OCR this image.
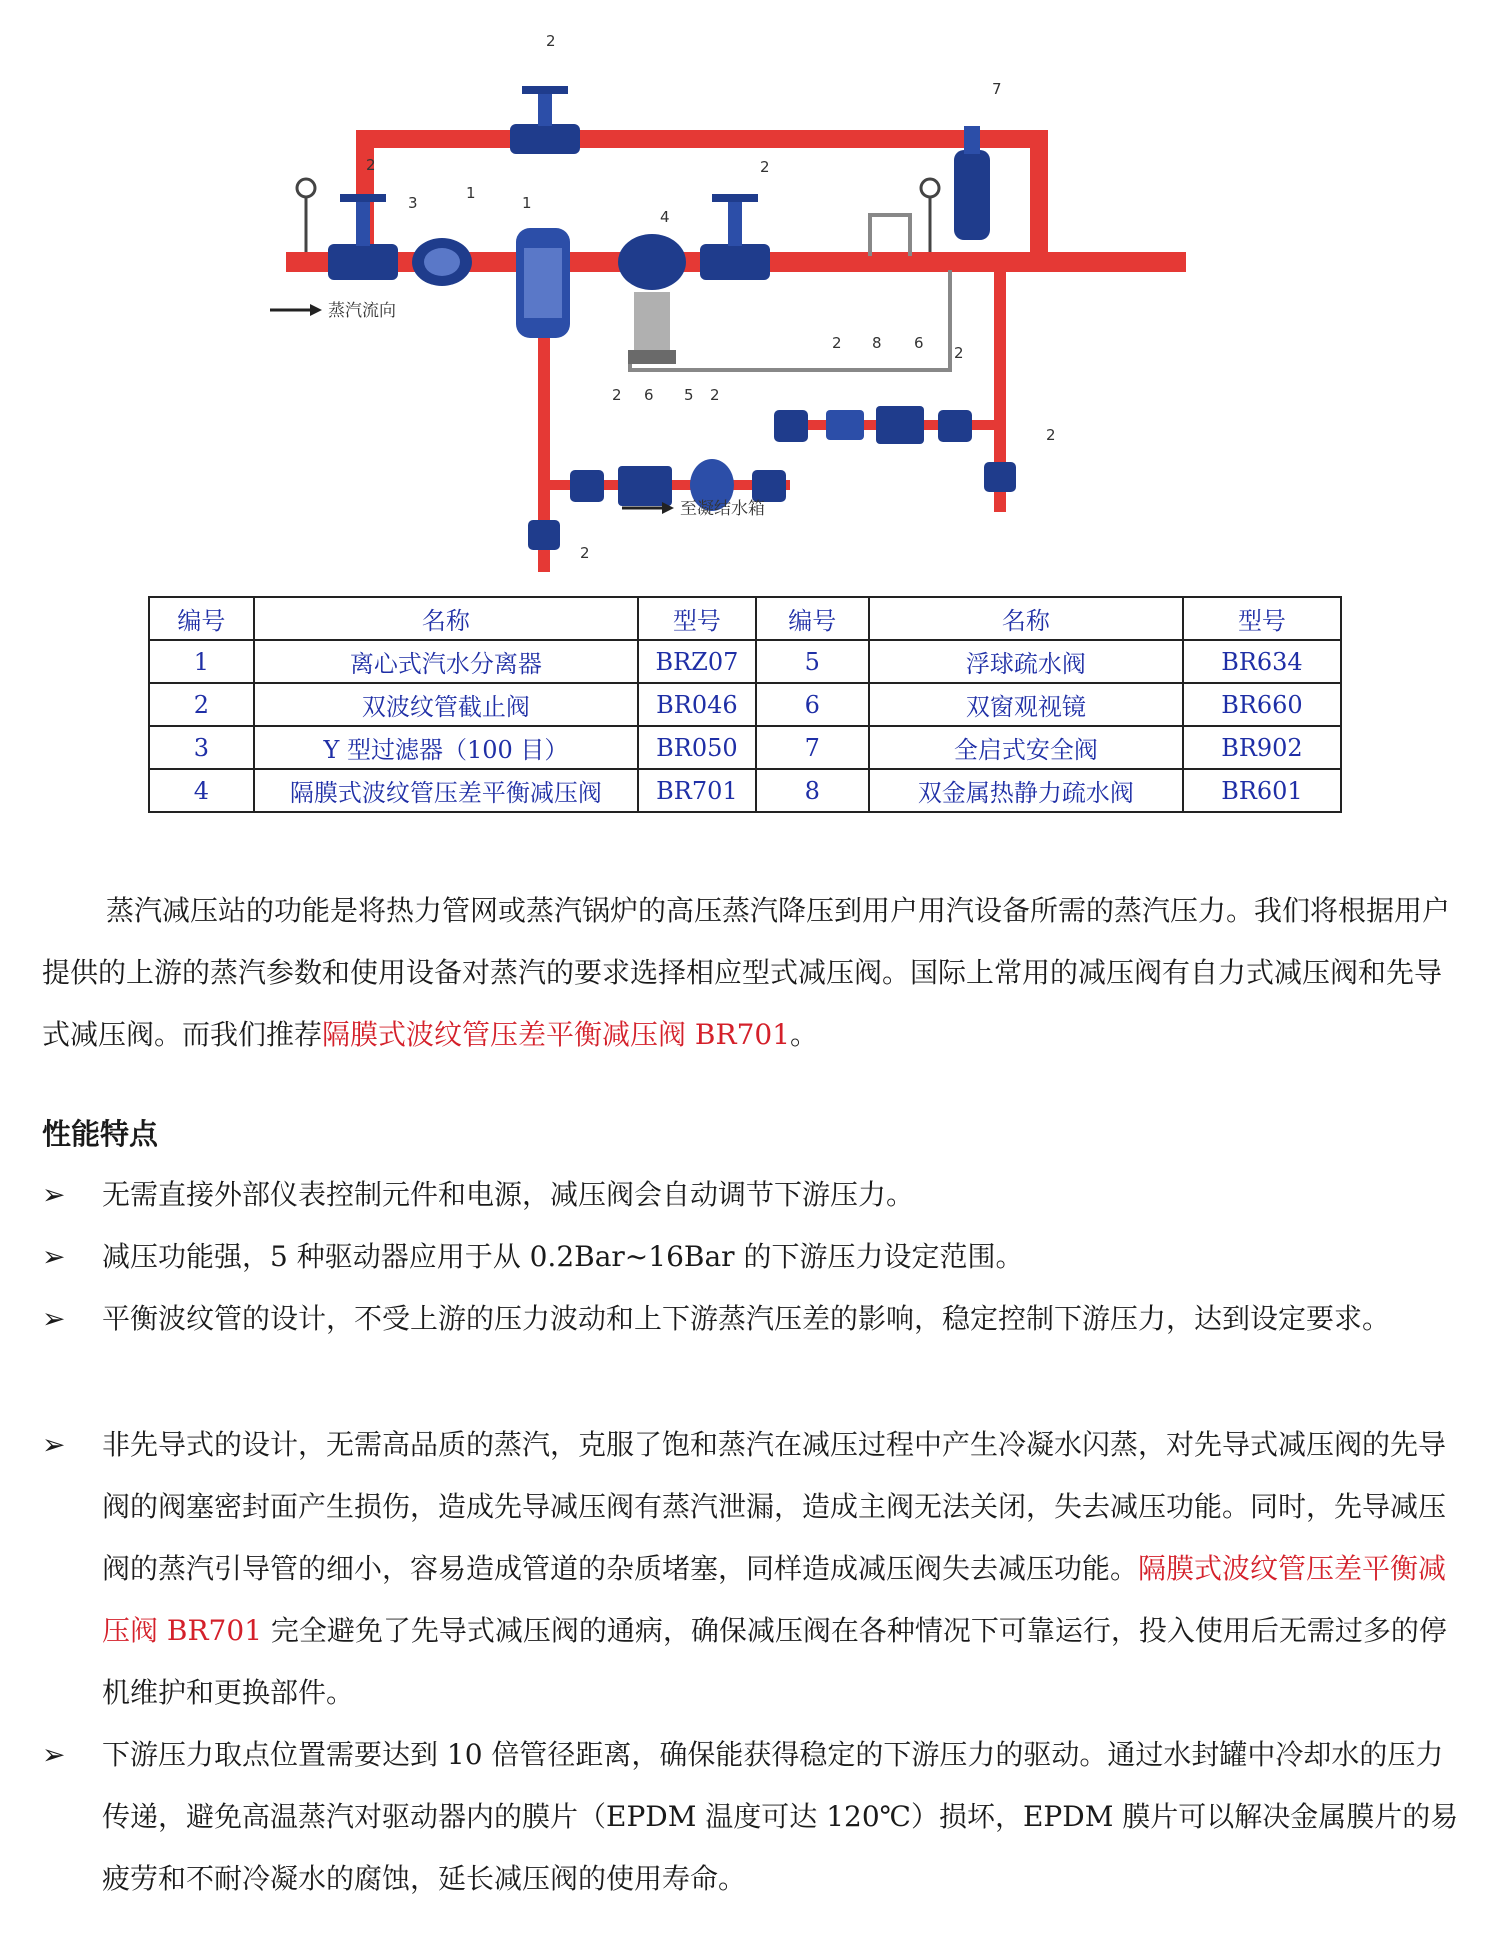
蒸汽流向
至凝结水箱
1
2
2
3	1
4
2
7
2 8 6
2
2 6 5 2
2
2
编号	名称	型号	编号	名称	型号
1	离心式汽水分离器	BRZ07	5	浮球疏水阀	BR634
2	双波纹管截止阀	BR046	6	双窗观视镜	BR660
3	Y 型过滤器（100 目）	BR050	7	全启式安全阀	BR902
4	隔膜式波纹管压差平衡减压阀	BR701	8	双金属热静力疏水阀	BR601
蒸汽减压站的功能是将热力管网或蒸汽锅炉的高压蒸汽降压到用户用汽设备所需的蒸汽压力。我们将根据用户提供的上游的蒸汽参数和使用设备对蒸汽的要求选择相应型式减压阀。国际上常用的减压阀有自力式减压阀和先导式减压阀。而我们推荐隔膜式波纹管压差平衡减压阀 BR701。
性能特点
➢	无需直接外部仪表控制元件和电源，减压阀会自动调节下游压力。
➢	减压功能强，5 种驱动器应用于从 0.2Bar~16Bar 的下游压力设定范围。
➢	平衡波纹管的设计，不受上游的压力波动和上下游蒸汽压差的影响，稳定控制下游压力，达到设定要求。
➢	非先导式的设计，无需高品质的蒸汽，克服了饱和蒸汽在减压过程中产生冷凝水闪蒸，对先导式减压阀的先导阀的阀塞密封面产生损伤，造成先导减压阀有蒸汽泄漏，造成主阀无法关闭，失去减压功能。同时，先导减压阀的蒸汽引导管的细小，容易造成管道的杂质堵塞，同样造成减压阀失去减压功能。隔膜式波纹管压差平衡减压阀 BR701 完全避免了先导式减压阀的通病，确保减压阀在各种情况下可靠运行，投入使用后无需过多的停机维护和更换部件。
➢	下游压力取点位置需要达到 10 倍管径距离，确保能获得稳定的下游压力的驱动。通过水封罐中冷却水的压力传递，避免高温蒸汽对驱动器内的膜片（EPDM 温度可达 120℃）损坏，EPDM 膜片可以解决金属膜片的易疲劳和不耐冷凝水的腐蚀，延长减压阀的使用寿命。
